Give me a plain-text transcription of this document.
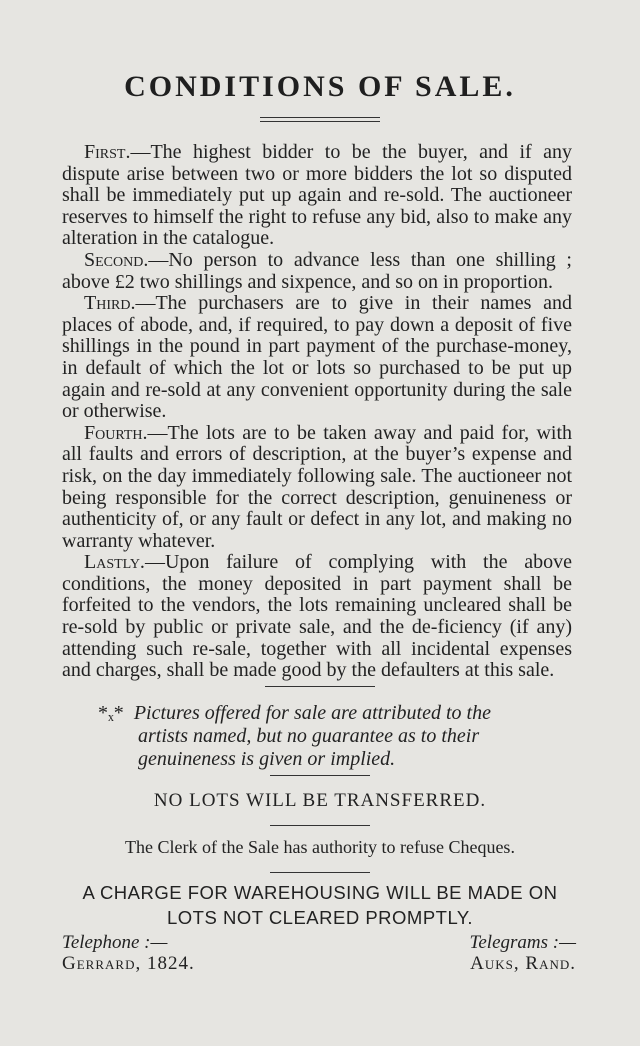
CONDITIONS OF SALE.

First.—The highest bidder to be the buyer, and if any dispute arise between two or more bidders the lot so disputed shall be immediately put up again and re-sold. The auctioneer reserves to himself the right to refuse any bid, also to make any alteration in the catalogue.

Second.—No person to advance less than one shilling ; above £2 two shillings and sixpence, and so on in proportion.

Third.—The purchasers are to give in their names and places of abode, and, if required, to pay down a deposit of five shillings in the pound in part payment of the purchase-money, in default of which the lot or lots so purchased to be put up again and re-sold at any convenient opportunity during the sale or otherwise.

Fourth.—The lots are to be taken away and paid for, with all faults and errors of description, at the buyer’s expense and risk, on the day immediately following sale. The auctioneer not being responsible for the correct description, genuineness or authenticity of, or any fault or defect in any lot, and making no warranty whatever.

Lastly.—Upon failure of complying with the above conditions, the money deposited in part payment shall be forfeited to the vendors, the lots remaining uncleared shall be re-sold by public or private sale, and the de-ficiency (if any) attending such re-sale, together with all incidental expenses and charges, shall be made good by the defaulters at this sale.

*ₓ* Pictures offered for sale are attributed to the
artists named, but no guarantee as to their
genuineness is given or implied.

NO LOTS WILL BE TRANSFERRED.

The Clerk of the Sale has authority to refuse Cheques.

A CHARGE FOR WAREHOUSING WILL BE MADE ON
LOTS NOT CLEARED PROMPTLY.

Telephone :—
Gerrard, 1824.
Telegrams :—
Auks, Rand.
